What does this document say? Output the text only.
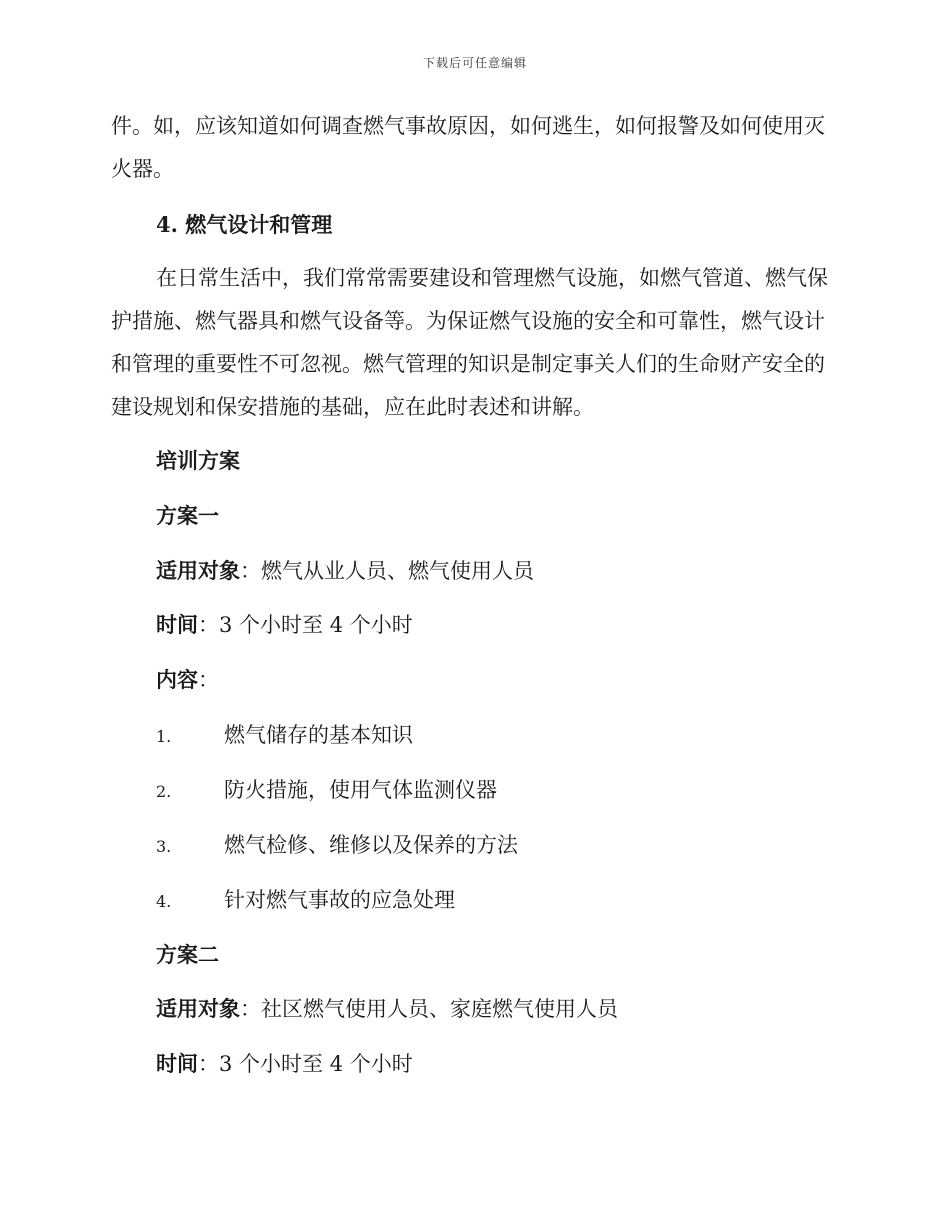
下载后可任意编辑
件。如，应该知道如何调查燃气事故原因，如何逃生，如何报警及如何使用灭火器。
4. 燃气设计和管理
在日常生活中，我们常常需要建设和管理燃气设施，如燃气管道、燃气保护措施、燃气器具和燃气设备等。为保证燃气设施的安全和可靠性，燃气设计和管理的重要性不可忽视。燃气管理的知识是制定事关人们的生命财产安全的建设规划和保安措施的基础，应在此时表述和讲解。
培训方案
方案一
适用对象：燃气从业人员、燃气使用人员
时间：3 个小时至 4 个小时
内容：
1.	燃气储存的基本知识
2.	防火措施，使用气体监测仪器
3.	燃气检修、维修以及保养的方法
4.	针对燃气事故的应急处理
方案二
适用对象：社区燃气使用人员、家庭燃气使用人员
时间：3 个小时至 4 个小时
